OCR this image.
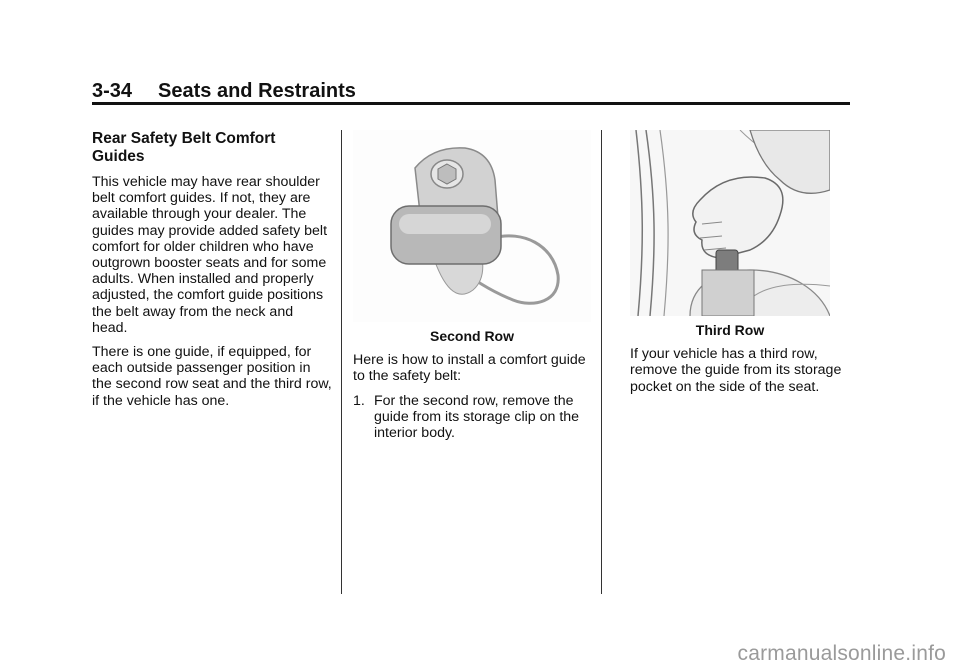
3-34 Seats and Restraints
Rear Safety Belt Comfort Guides

This vehicle may have rear shoulder belt comfort guides. If not, they are available through your dealer. The guides may provide added safety belt comfort for older children who have outgrown booster seats and for some adults. When installed and properly adjusted, the comfort guide positions the belt away from the neck and head.

There is one guide, if equipped, for each outside passenger position in the second row seat and the third row, if the vehicle has one.

Second Row

Here is how to install a comfort guide to the safety belt:

1. For the second row, remove the guide from its storage clip on the interior body.
Third Row

If your vehicle has a third row, remove the guide from its storage pocket on the side of the seat.

carmanualsonline.info
